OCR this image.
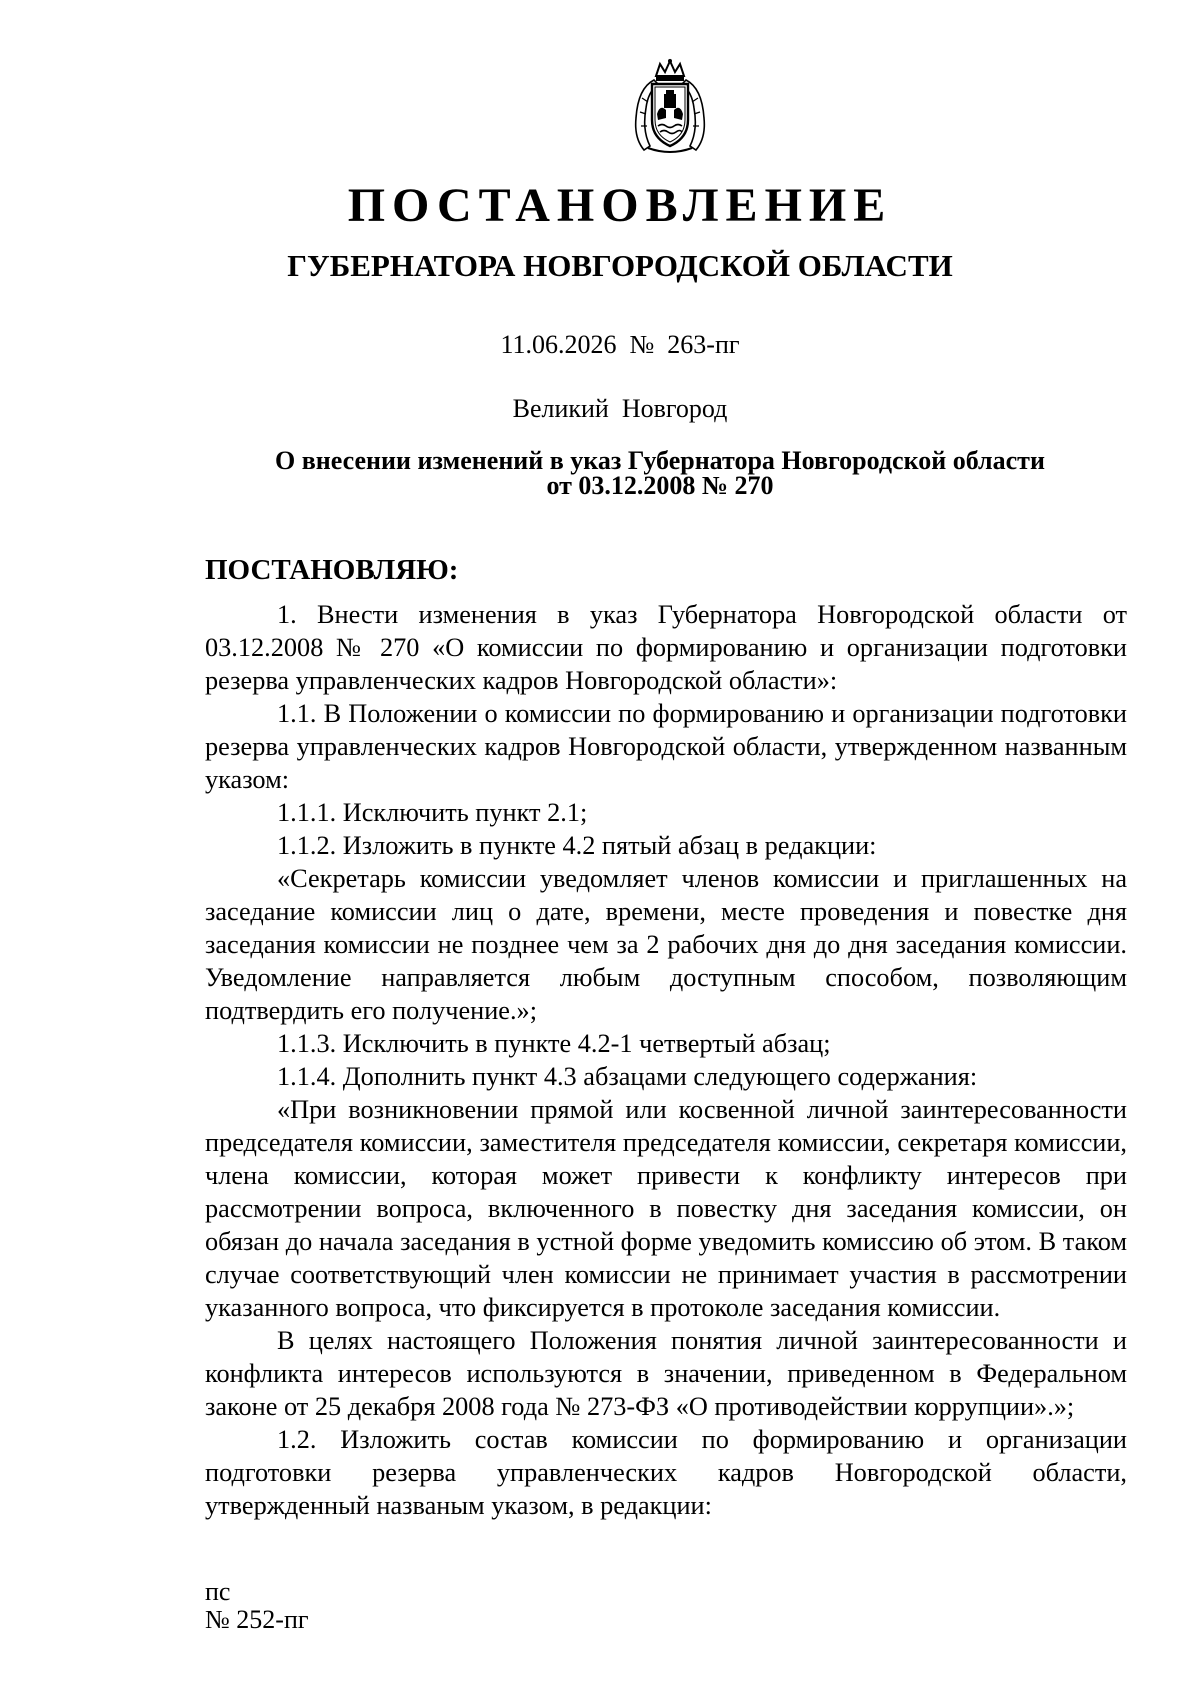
ПОСТАНОВЛЕНИЕ
ГУБЕРНАТОРА НОВГОРОДСКОЙ ОБЛАСТИ
11.06.2026  №  263-пг
Великий  Новгород
О внесении изменений в указ Губернатора Новгородской области
от 03.12.2008 № 270
ПОСТАНОВЛЯЮ:

1. Внести изменения в указ Губернатора Новгородской области от 03.12.2008 № 270 «О комиссии по формированию и организации подготовки резерва управленческих кадров Новгородской области»:

1.1. В Положении о комиссии по формированию и организации подготовки резерва управленческих кадров Новгородской области, утвержденном названным указом:

1.1.1. Исключить пункт 2.1;

1.1.2. Изложить в пункте 4.2 пятый абзац в редакции:

«Секретарь комиссии уведомляет членов комиссии и приглашенных на заседание комиссии лиц о дате, времени, месте проведения и повестке дня заседания комиссии не позднее чем за 2 рабочих дня до дня заседания комиссии. Уведомление направляется любым доступным способом, позволяющим подтвердить его получение.»;

1.1.3. Исключить в пункте 4.2-1 четвертый абзац;

1.1.4. Дополнить пункт 4.3 абзацами следующего содержания:

«При возникновении прямой или косвенной личной заинтересованности председателя комиссии, заместителя председателя комиссии, секретаря комиссии, члена комиссии, которая может привести к конфликту интересов при рассмотрении вопроса, включенного в повестку дня заседания комиссии, он обязан до начала заседания в устной форме уведомить комиссию об этом. В таком случае соответствующий член комиссии не принимает участия в рассмотрении указанного вопроса, что фиксируется в протоколе заседания комиссии.

В целях настоящего Положения понятия личной заинтересованности и конфликта интересов используются в значении, приведенном в Федеральном законе от 25 декабря 2008 года № 273-ФЗ «О противодействии коррупции».»;

1.2. Изложить состав комиссии по формированию и организации подготовки резерва управленческих кадров Новгородской области, утвержденный названым указом, в редакции:

пс
№ 252-пг
